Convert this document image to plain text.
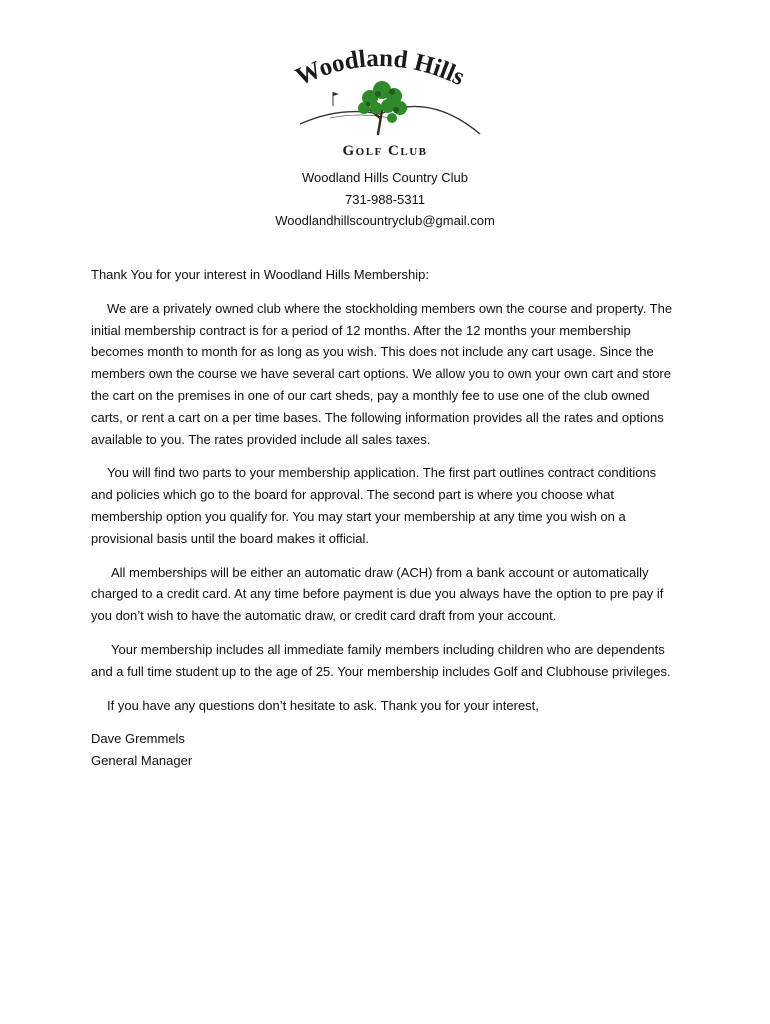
Woodland Hills
Golf Club
Woodland Hills Country Club
731-988-5311
Woodlandhillscountryclub@gmail.com

Thank You for your interest in Woodland Hills Membership:

We are a privately owned club where the stockholding members own the course and property. The initial membership contract is for a period of 12 months. After the 12 months your membership becomes month to month for as long as you wish. This does not include any cart usage. Since the members own the course we have several cart options. We allow you to own your own cart and store the cart on the premises in one of our cart sheds, pay a monthly fee to use one of the club owned carts, or rent a cart on a per time bases. The following information provides all the rates and options available to you. The rates provided include all sales taxes.

You will find two parts to your membership application. The first part outlines contract conditions and policies which go to the board for approval. The second part is where you choose what membership option you qualify for. You may start your membership at any time you wish on a provisional basis until the board makes it official.

All memberships will be either an automatic draw (ACH) from a bank account or automatically charged to a credit card. At any time before payment is due you always have the option to pre pay if you don’t wish to have the automatic draw, or credit card draft from your account.

Your membership includes all immediate family members including children who are dependents and a full time student up to the age of 25. Your membership includes Golf and Clubhouse privileges.

If you have any questions don’t hesitate to ask. Thank you for your interest,

Dave Gremmels
General Manager
